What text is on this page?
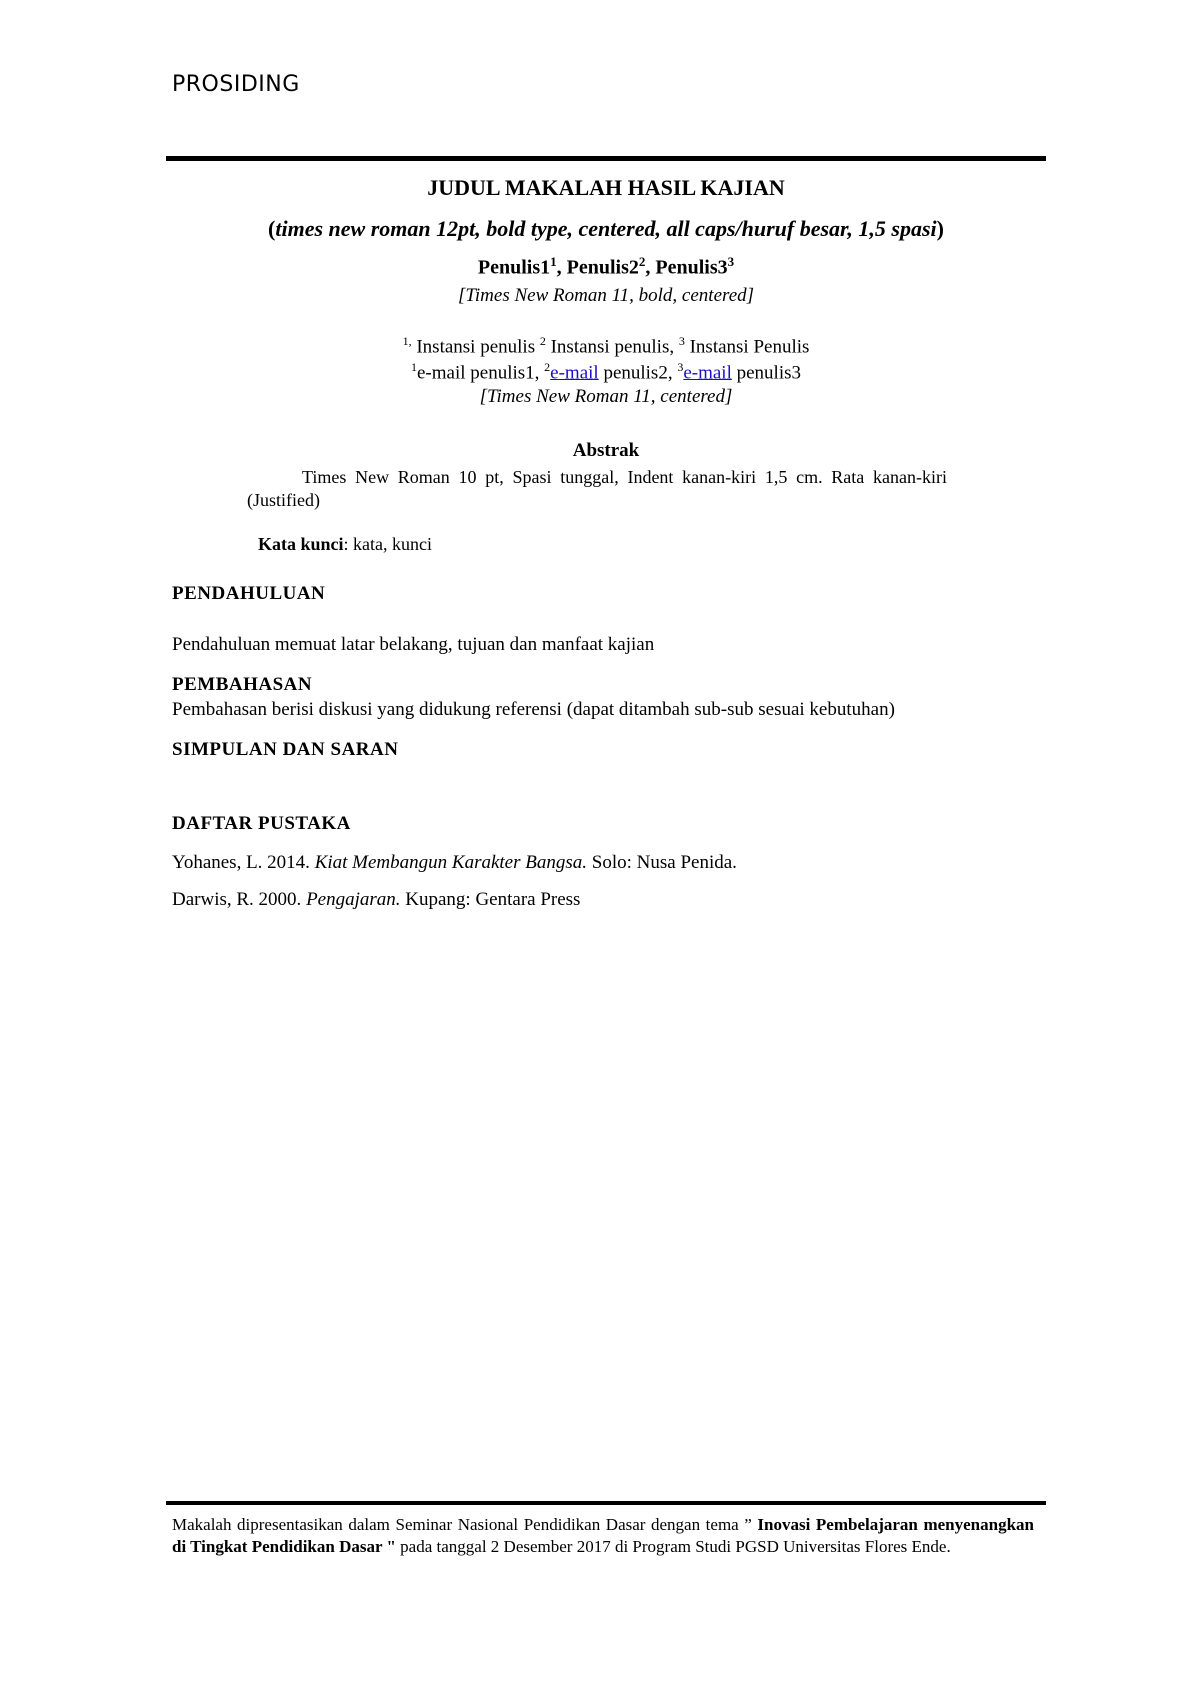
PROSIDING
JUDUL MAKALAH HASIL KAJIAN
(times new roman 12pt, bold type, centered, all caps/huruf besar, 1,5 spasi)
$Penulis1^1$, $Penulis2^2$, $Penulis3^3$
[Times New Roman 11, bold, centered]
$^{1,}$ Instansi penulis $^2$ Instansi penulis, $^3$ Instansi Penulis
$^1$e-mail penulis1, $^2$e-mail penulis2, $^3$e-mail penulis3
[Times New Roman 11, centered]
Abstrak
Times New Roman 10 pt, Spasi tunggal, Indent kanan-kiri 1,5 cm. Rata kanan-kiri (Justified)
Kata kunci: kata, kunci
PENDAHULUAN
Pendahuluan memuat latar belakang, tujuan dan manfaat kajian
PEMBAHASAN
Pembahasan berisi diskusi yang didukung referensi (dapat ditambah sub-sub sesuai kebutuhan)
SIMPULAN DAN SARAN
DAFTAR PUSTAKA
Yohanes, L. 2014. Kiat Membangun Karakter Bangsa. Solo: Nusa Penida.
Darwis, R. 2000. Pengajaran. Kupang: Gentara Press
Makalah dipresentasikan dalam Seminar Nasional Pendidikan Dasar dengan tema ” Inovasi Pembelajaran menyenangkan di Tingkat Pendidikan Dasar " pada tanggal 2 Desember 2017 di Program Studi PGSD Universitas Flores Ende.
